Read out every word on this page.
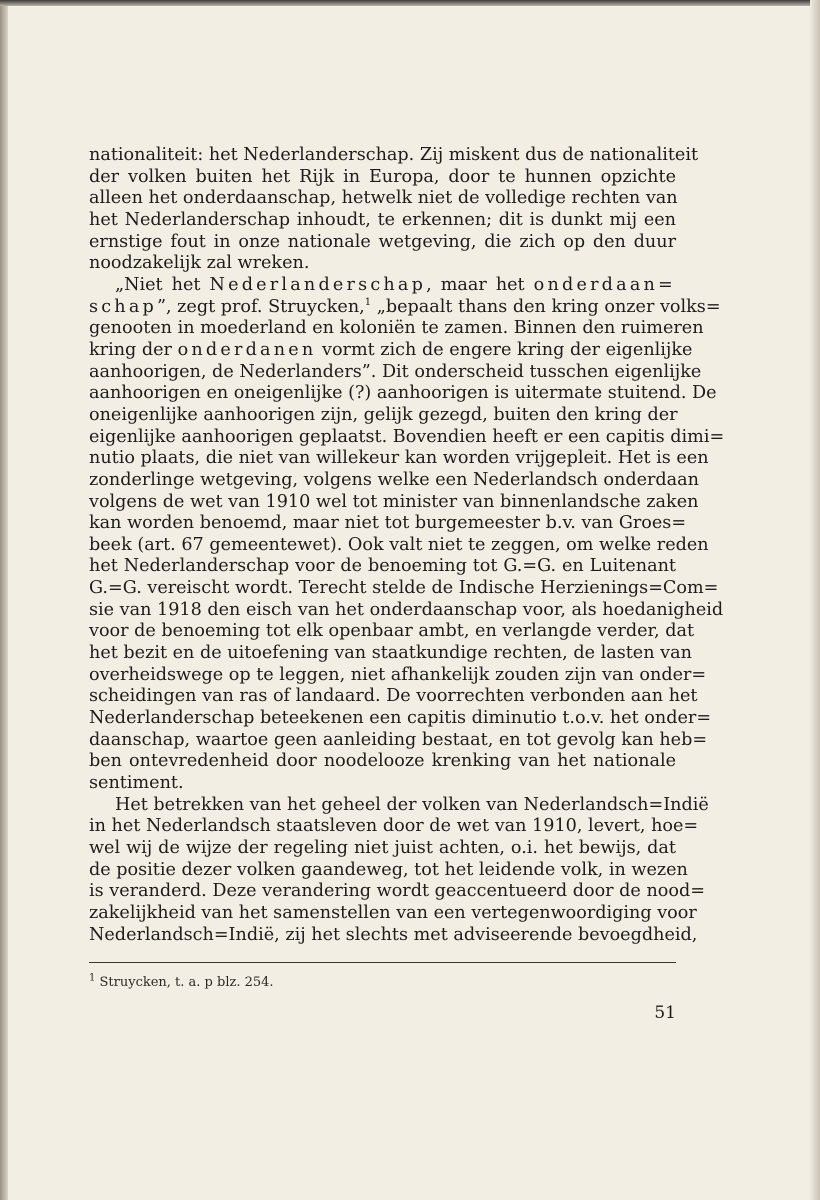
nationaliteit: het Nederlanderschap. Zij miskent dus de nationaliteit
der volken buiten het Rijk in Europa, door te hunnen opzichte
alleen het onderdaanschap, hetwelk niet de volledige rechten van
het Nederlanderschap inhoudt, te erkennen; dit is dunkt mij een
ernstige fout in onze nationale wetgeving, die zich op den duur
noodzakelijk zal wreken.
„Niet het Nederlanderschap, maar het onderdaan=
schap”, zegt prof. Struycken,$^1$ „bepaalt thans den kring onzer volks=
genooten in moederland en koloniën te zamen. Binnen den ruimeren
kring der onderdanen vormt zich de engere kring der eigenlijke
aanhoorigen, de Nederlanders”. Dit onderscheid tusschen eigenlijke
aanhoorigen en oneigenlijke (?) aanhoorigen is uitermate stuitend. De
oneigenlijke aanhoorigen zijn, gelijk gezegd, buiten den kring der
eigenlijke aanhoorigen geplaatst. Bovendien heeft er een capitis dimi=
nutio plaats, die niet van willekeur kan worden vrijgepleit. Het is een
zonderlinge wetgeving, volgens welke een Nederlandsch onderdaan
volgens de wet van 1910 wel tot minister van binnenlandsche zaken
kan worden benoemd, maar niet tot burgemeester b.v. van Groes=
beek (art. 67 gemeentewet). Ook valt niet te zeggen, om welke reden
het Nederlanderschap voor de benoeming tot G.=G. en Luitenant
G.=G. vereischt wordt. Terecht stelde de Indische Herzienings=Com=
sie van 1918 den eisch van het onderdaanschap voor, als hoedanigheid
voor de benoeming tot elk openbaar ambt, en verlangde verder, dat
het bezit en de uitoefening van staatkundige rechten, de lasten van
overheidswege op te leggen, niet afhankelijk zouden zijn van onder=
scheidingen van ras of landaard. De voorrechten verbonden aan het
Nederlanderschap beteekenen een capitis diminutio t.o.v. het onder=
daanschap, waartoe geen aanleiding bestaat, en tot gevolg kan heb=
ben ontevredenheid door noodelooze krenking van het nationale
sentiment.
Het betrekken van het geheel der volken van Nederlandsch=Indië
in het Nederlandsch staatsleven door de wet van 1910, levert, hoe=
wel wij de wijze der regeling niet juist achten, o.i. het bewijs, dat
de positie dezer volken gaandeweg, tot het leidende volk, in wezen
is veranderd. Deze verandering wordt geaccentueerd door de nood=
zakelijkheid van het samenstellen van een vertegenwoordiging voor
Nederlandsch=Indië, zij het slechts met adviseerende bevoegdheid,
$^1$ Struycken, t. a. p blz. 254.
51
